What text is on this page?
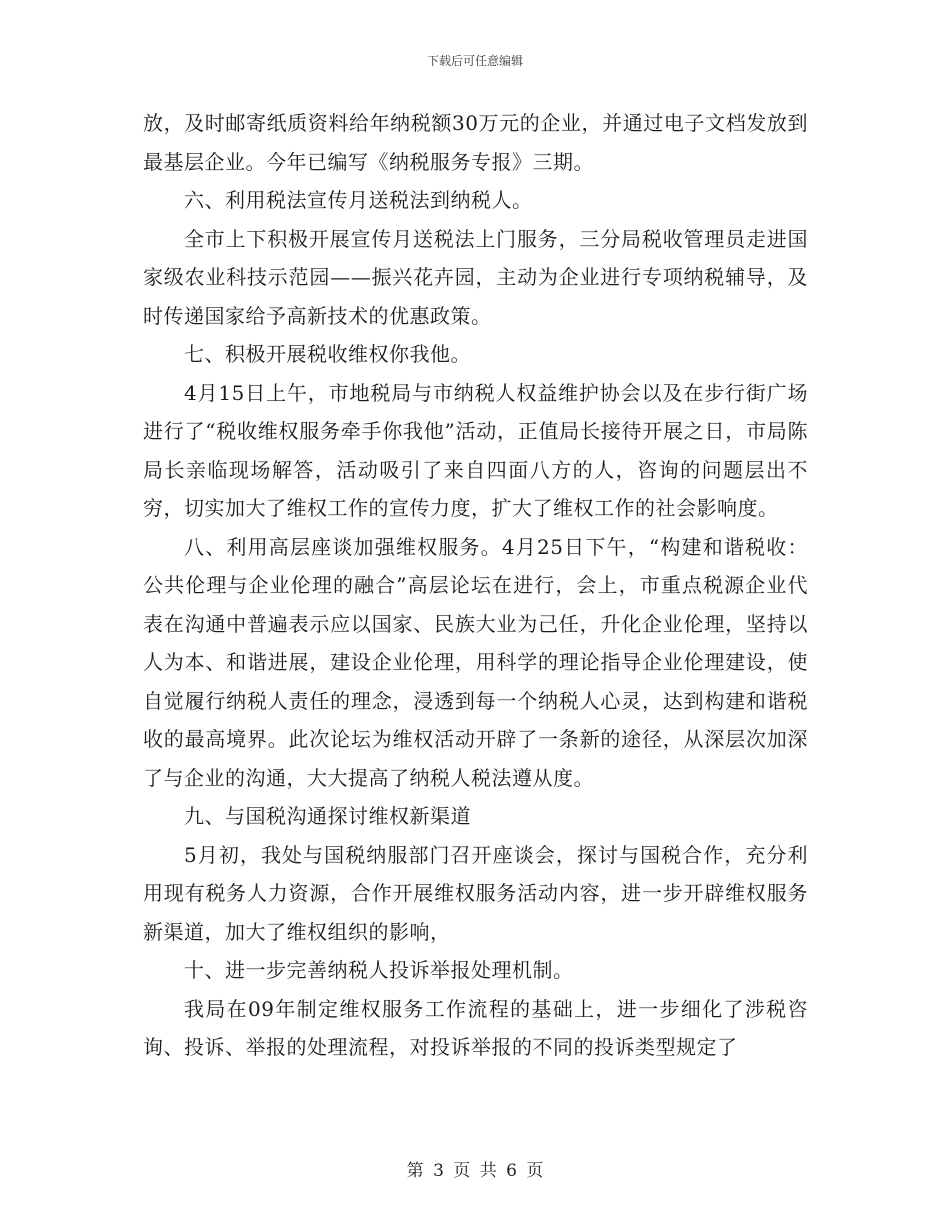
下载后可任意编辑

放，及时邮寄纸质资料给年纳税额30万元的企业，并通过电子文档发放到最基层企业。今年已编写《纳税服务专报》三期。

六、利用税法宣传月送税法到纳税人。

全市上下积极开展宣传月送税法上门服务，三分局税收管理员走进国家级农业科技示范园——振兴花卉园，主动为企业进行专项纳税辅导，及时传递国家给予高新技术的优惠政策。

七、积极开展税收维权你我他。

4月15日上午，市地税局与市纳税人权益维护协会以及在步行街广场进行了“税收维权服务牵手你我他”活动，正值局长接待开展之日，市局陈局长亲临现场解答，活动吸引了来自四面八方的人，咨询的问题层出不穷，切实加大了维权工作的宣传力度，扩大了维权工作的社会影响度。

八、利用高层座谈加强维权服务。4月25日下午，“构建和谐税收：公共伦理与企业伦理的融合”高层论坛在进行，会上，市重点税源企业代表在沟通中普遍表示应以国家、民族大业为己任，升化企业伦理，坚持以人为本、和谐进展，建设企业伦理，用科学的理论指导企业伦理建设，使自觉履行纳税人责任的理念，浸透到每一个纳税人心灵，达到构建和谐税收的最高境界。此次论坛为维权活动开辟了一条新的途径，从深层次加深了与企业的沟通，大大提高了纳税人税法遵从度。

九、与国税沟通探讨维权新渠道

5月初，我处与国税纳服部门召开座谈会，探讨与国税合作，充分利用现有税务人力资源，合作开展维权服务活动内容，进一步开辟维权服务新渠道，加大了维权组织的影响，

十、进一步完善纳税人投诉举报处理机制。

我局在09年制定维权服务工作流程的基础上，进一步细化了涉税咨询、投诉、举报的处理流程，对投诉举报的不同的投诉类型规定了

第 3 页 共 6 页
